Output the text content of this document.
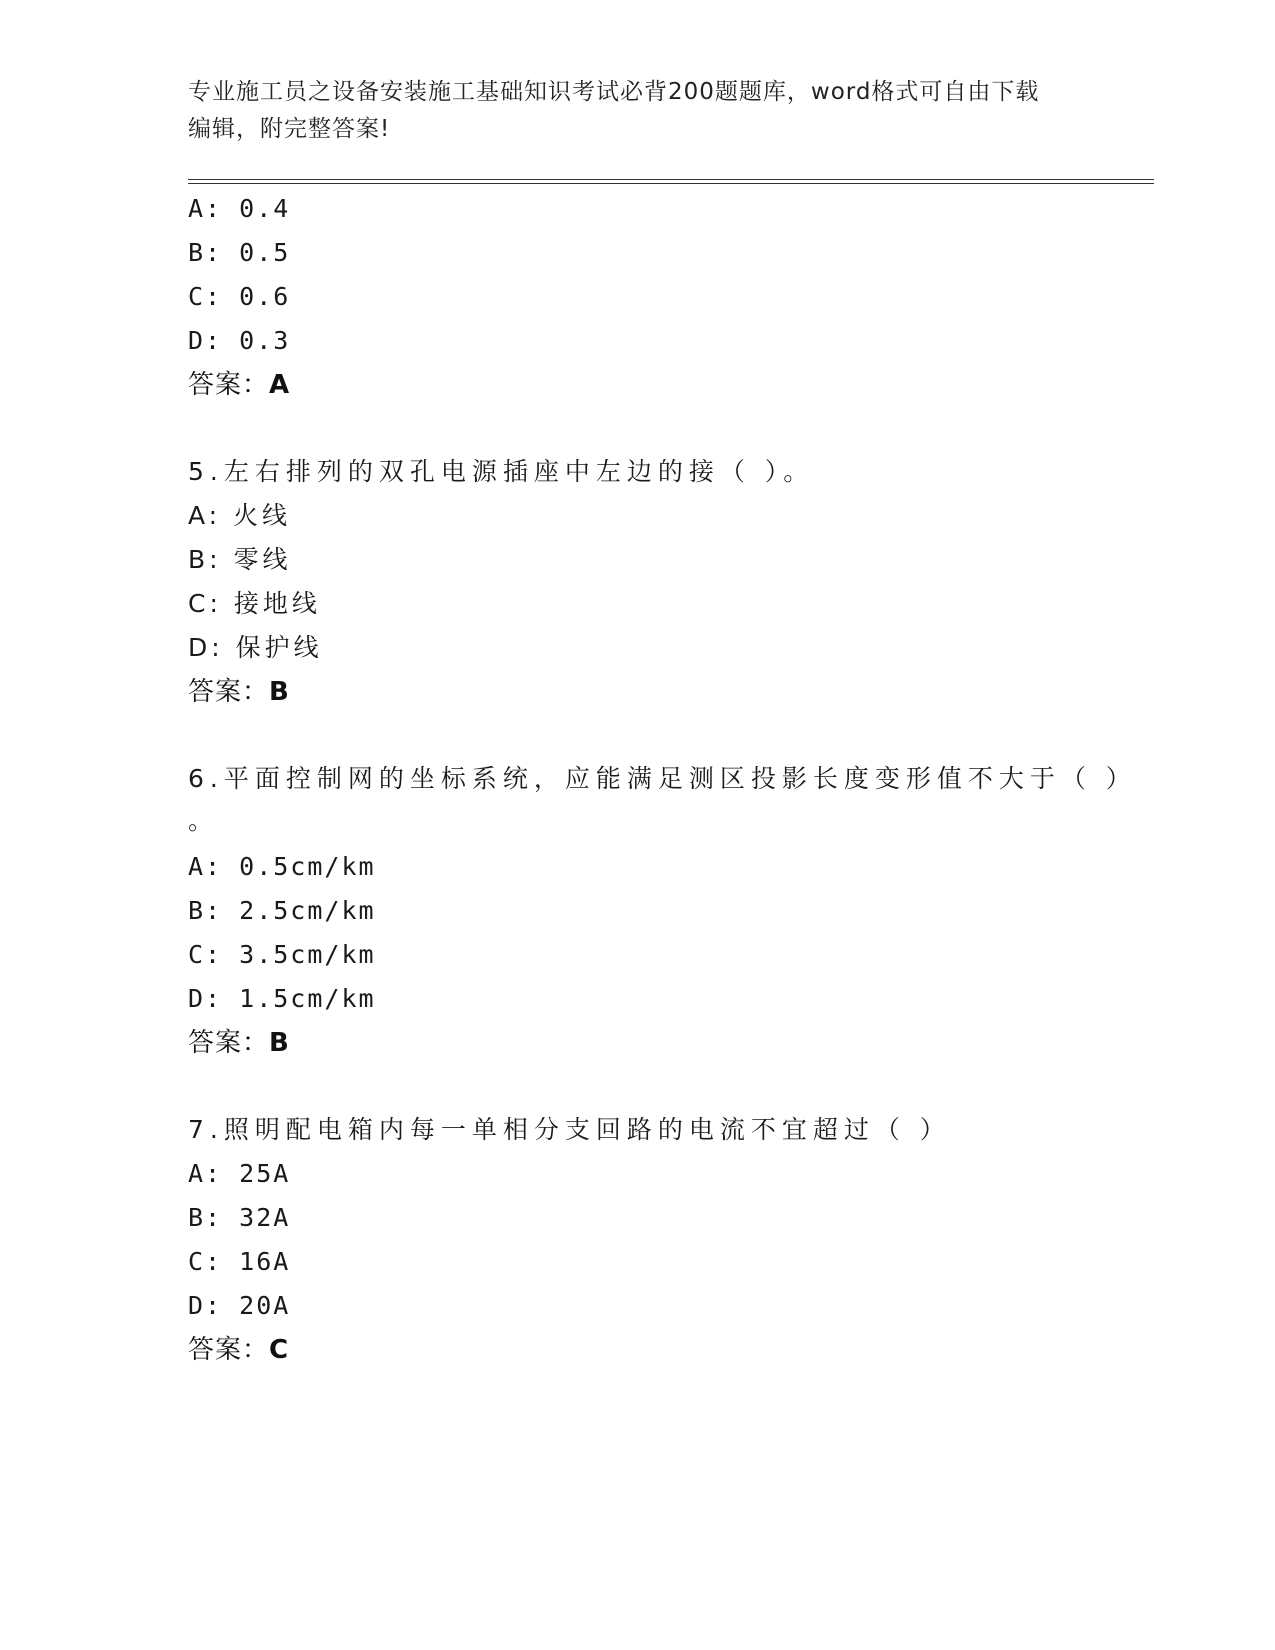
专业施工员之设备安装施工基础知识考试必背200题题库，word格式可自由下载
编辑，附完整答案!
A: 0.4
B: 0.5
C: 0.6
D: 0.3
答案：A
5.左右排列的双孔电源插座中左边的接（ ）。
A: 火线
B: 零线
C: 接地线
D: 保护线
答案：B
6.平面控制网的坐标系统，应能满足测区投影长度变形值不大于（ ）
。
A: 0.5cm/km
B: 2.5cm/km
C: 3.5cm/km
D: 1.5cm/km
答案：B
7.照明配电箱内每一单相分支回路的电流不宜超过（ ）
A: 25A
B: 32A
C: 16A
D: 20A
答案：C
